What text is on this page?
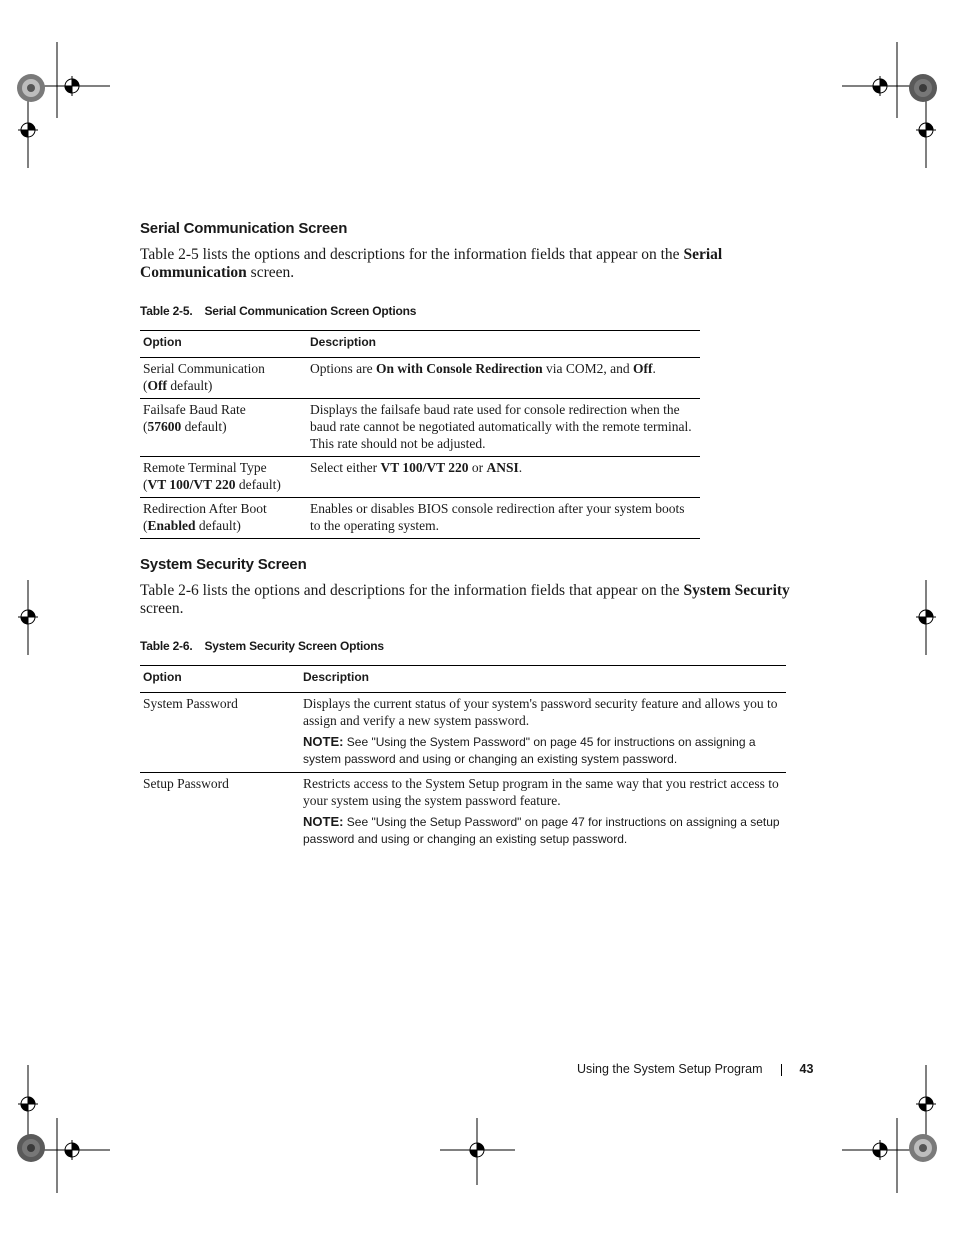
Serial Communication Screen

Table 2-5 lists the options and descriptions for the information fields that appear on the Serial Communication screen.

Table 2-5. Serial Communication Screen Options
Option	Description
Serial Communication
(Off default)	Options are On with Console Redirection via COM2, and Off.
Failsafe Baud Rate
(57600 default)	Displays the failsafe baud rate used for console redirection when the baud rate cannot be negotiated automatically with the remote terminal. This rate should not be adjusted.
Remote Terminal Type
(VT 100/VT 220 default)	Select either VT 100/VT 220 or ANSI.
Redirection After Boot
(Enabled default)	Enables or disables BIOS console redirection after your system boots to the operating system.
System Security Screen

Table 2-6 lists the options and descriptions for the information fields that appear on the System Security screen.

Table 2-6. System Security Screen Options
Option	Description
System Password	Displays the current status of your system's password security feature and allows you to assign and verify a new system password.
NOTE: See "Using the System Password" on page 45 for instructions on assigning a system password and using or changing an existing system password.

Setup Password	Restricts access to the System Setup program in the same way that you restrict access to your system using the system password feature.
NOTE: See "Using the Setup Password" on page 47 for instructions on assigning a setup password and using or changing an existing setup password.
Using the System Setup Program	43
